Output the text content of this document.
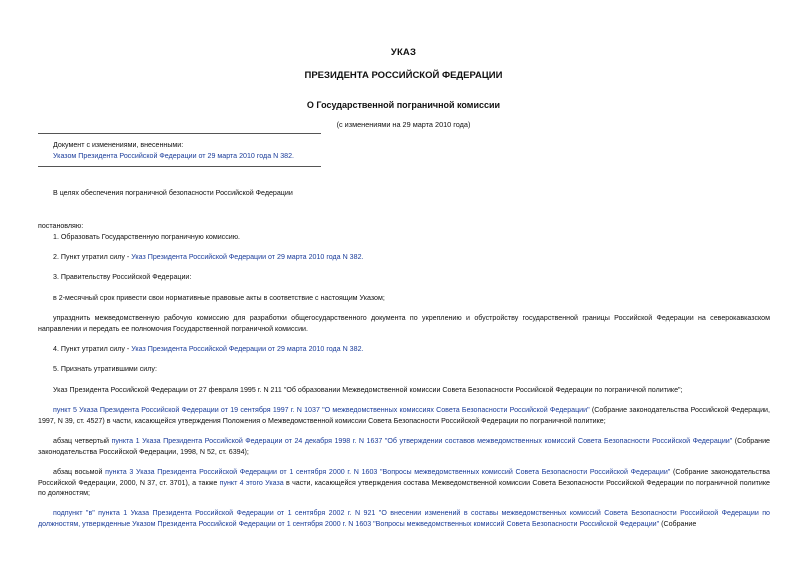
УКАЗ
ПРЕЗИДЕНТА РОССИЙСКОЙ ФЕДЕРАЦИИ
О Государственной пограничной комиссии
(с изменениями на 29 марта 2010 года)

Документ с изменениями, внесенными:

Указом Президента Российской Федерации от 29 марта 2010 года N 382.

В целях обеспечения пограничной безопасности Российской Федерации

постановляю:

1. Образовать Государственную пограничную комиссию.

2. Пункт утратил силу - Указ Президента Российской Федерации от 29 марта 2010 года N 382.

3. Правительству Российской Федерации:

в 2-месячный срок привести свои нормативные правовые акты в соответствие с настоящим Указом;

упразднить межведомственную рабочую комиссию для разработки общегосударственного документа по укреплению и обустройству государственной границы Российской Федерации на северокавказском направлении и передать ее полномочия Государственной пограничной комиссии.

4. Пункт утратил силу - Указ Президента Российской Федерации от 29 марта 2010 года N 382.

5. Признать утратившими силу:

Указ Президента Российской Федерации от 27 февраля 1995 г. N 211 "Об образовании Межведомственной комиссии Совета Безопасности Российской Федерации по пограничной политике";

пункт 5 Указа Президента Российской Федерации от 19 сентября 1997 г. N 1037 "О межведомственных комиссиях Совета Безопасности Российской Федерации" (Собрание законодательства Российской Федерации, 1997, N 39, ст. 4527) в части, касающейся утверждения Положения о Межведомственной комиссии Совета Безопасности Российской Федерации по пограничной политике;

абзац четвертый пункта 1 Указа Президента Российской Федерации от 24 декабря 1998 г. N 1637 "Об утверждении составов межведомственных комиссий Совета Безопасности Российской Федерации" (Собрание законодательства Российской Федерации, 1998, N 52, ст. 6394);

абзац восьмой пункта 3 Указа Президента Российской Федерации от 1 сентября 2000 г. N 1603 "Вопросы межведомственных комиссий Совета Безопасности Российской Федерации" (Собрание законодательства Российской Федерации, 2000, N 37, ст. 3701), а также пункт 4 этого Указа в части, касающейся утверждения состава Межведомственной комиссии Совета Безопасности Российской Федерации по пограничной политике по должностям;

подпункт "в" пункта 1 Указа Президента Российской Федерации от 1 сентября 2002 г. N 921 "О внесении изменений в составы межведомственных комиссий Совета Безопасности Российской Федерации по должностям, утвержденные Указом Президента Российской Федерации от 1 сентября 2000 г. N 1603 "Вопросы межведомственных комиссий Совета Безопасности Российской Федерации" (Собрание
